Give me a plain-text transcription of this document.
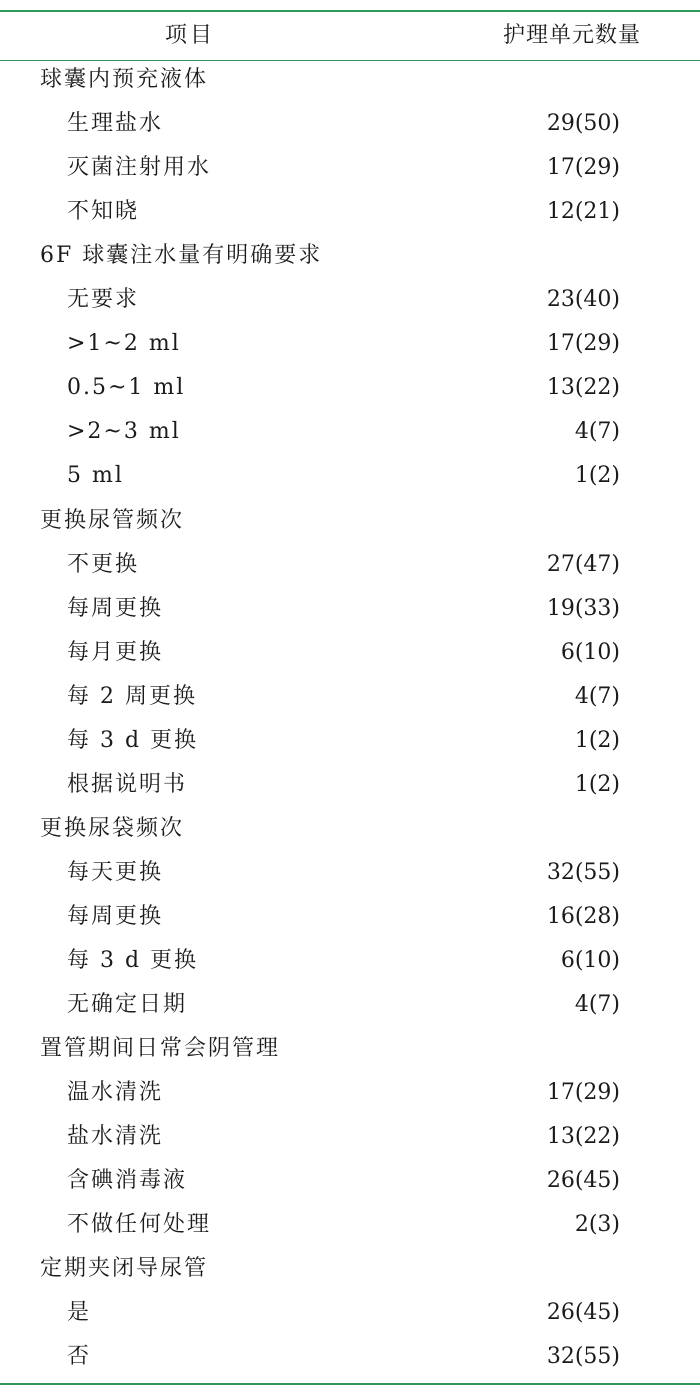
项目	护理单元数量
球囊内预充液体
生理盐水	29(50)
灭菌注射用水	17(29)
不知晓	12(21)
6F 球囊注水量有明确要求
无要求	23(40)
>1~2 ml	17(29)
0.5~1 ml	13(22)
>2~3 ml	4(7)
5 ml	1(2)
更换尿管频次
不更换	27(47)
每周更换	19(33)
每月更换	6(10)
每 2 周更换	4(7)
每 3 d 更换	1(2)
根据说明书	1(2)
更换尿袋频次
每天更换	32(55)
每周更换	16(28)
每 3 d 更换	6(10)
无确定日期	4(7)
置管期间日常会阴管理
温水清洗	17(29)
盐水清洗	13(22)
含碘消毒液	26(45)
不做任何处理	2(3)
定期夹闭导尿管
是	26(45)
否	32(55)
